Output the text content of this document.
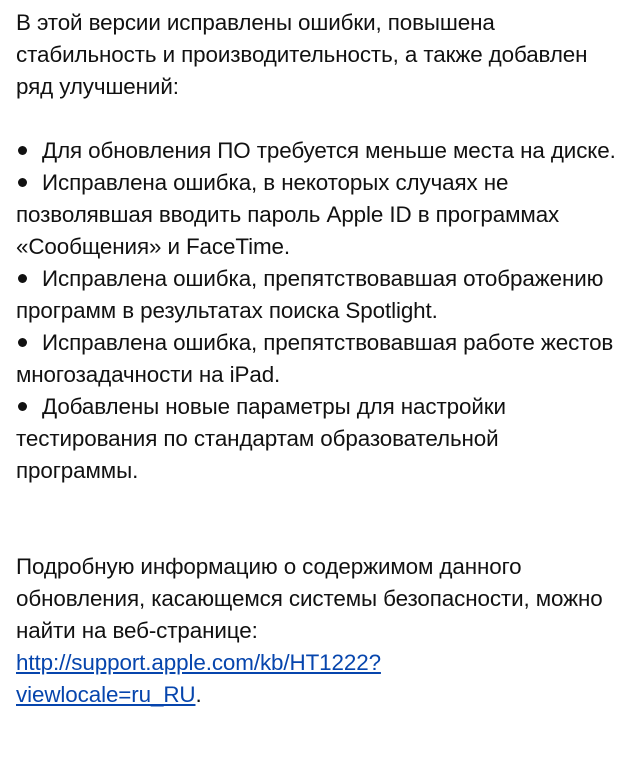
В этой версии исправлены ошибки, повышена стабильность и производительность, а также добавлен ряд улучшений:

Для обновления ПО требуется меньше места на диске.
Исправлена ошибка, в некоторых случаях не позволявшая вводить пароль Apple ID в программах «Сообщения» и FaceTime.
Исправлена ошибка, препятствовавшая отображению программ в результатах поиска Spotlight.
Исправлена ошибка, препятствовавшая работе жестов многозадачности на iPad.
Добавлены новые параметры для настройки тестирования по стандартам образовательной программы.

Подробную информацию о содержимом данного обновления, касающемся системы безопасности, можно найти на веб-странице:
http://support.apple.com/kb/HT1222?
viewlocale=ru_RU.
